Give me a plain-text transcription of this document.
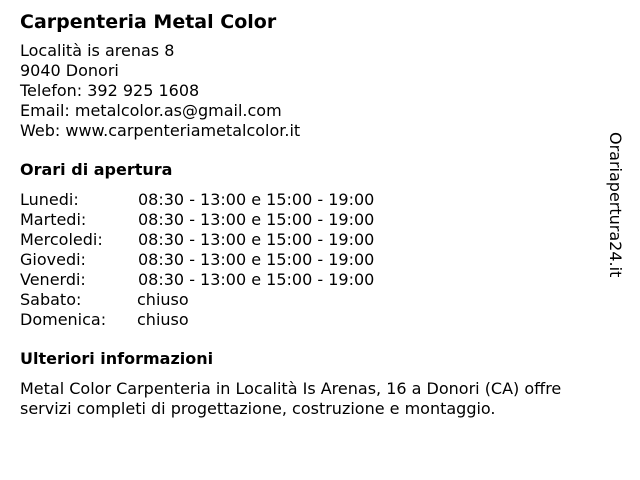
Carpenteria Metal Color
Località is arenas 8
9040 Donori
Telefon: 392 925 1608
Email: metalcolor.as@gmail.com
Web: www.carpenteriametalcolor.it
Orari di apertura
Lunedi:	08:30 - 13:00 e 15:00 - 19:00
Martedi:	08:30 - 13:00 e 15:00 - 19:00
Mercoledi:	08:30 - 13:00 e 15:00 - 19:00
Giovedi:	08:30 - 13:00 e 15:00 - 19:00
Venerdi:	08:30 - 13:00 e 15:00 - 19:00
Sabato:	chiuso
Domenica:	chiuso
Ulteriori informazioni
Metal Color Carpenteria in Località Is Arenas, 16 a Donori (CA) offre servizi completi di progettazione, costruzione e montaggio.
Orariapertura24.it
